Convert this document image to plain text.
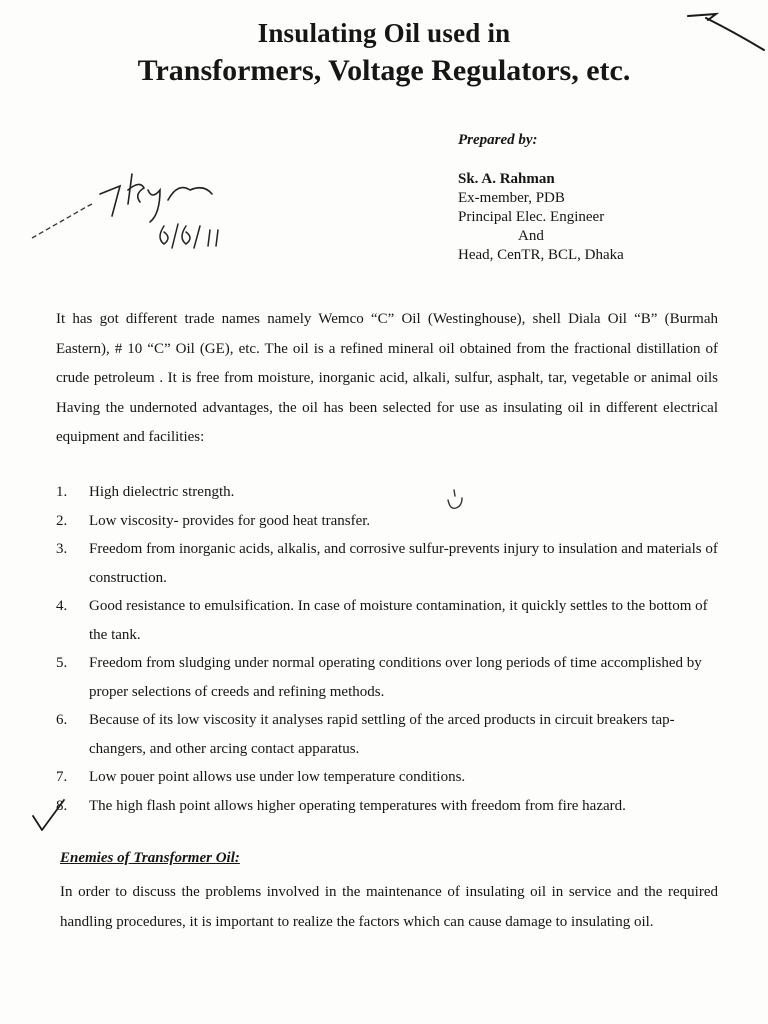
Insulating Oil used in
Transformers, Voltage Regulators, etc.
Prepared by:
Sk. A. Rahman
Ex-member, PDB
Principal Elec. Engineer
And
Head, CenTR, BCL, Dhaka

It has got different trade names namely Wemco “C” Oil (Westinghouse), shell Diala Oil “B” (Burmah Eastern), # 10 “C” Oil (GE), etc. The oil is a refined mineral oil obtained from the fractional distillation of crude petroleum . It is free from moisture, inorganic acid, alkali, sulfur, asphalt, tar, vegetable or animal oils Having the undernoted advantages, the oil has been selected for use as insulating oil in different electrical equipment and facilities:

1. High dielectric strength.
2. Low viscosity- provides for good heat transfer.
3. Freedom from inorganic acids, alkalis, and corrosive sulfur-prevents injury to insulation and materials of construction.
4. Good resistance to emulsification. In case of moisture contamination, it quickly settles to the bottom of the tank.
5. Freedom from sludging under normal operating conditions over long periods of time accomplished by proper selections of creeds and refining methods.
6. Because of its low viscosity it analyses rapid settling of the arced products in circuit breakers tap-changers, and other arcing contact apparatus.
7. Low pouer point allows use under low temperature conditions.
8. The high flash point allows higher operating temperatures with freedom from fire hazard.
Enemies of Transformer Oil:

In order to discuss the problems involved in the maintenance of insulating oil in service and the required handling procedures, it is important to realize the factors which can cause damage to insulating oil.
